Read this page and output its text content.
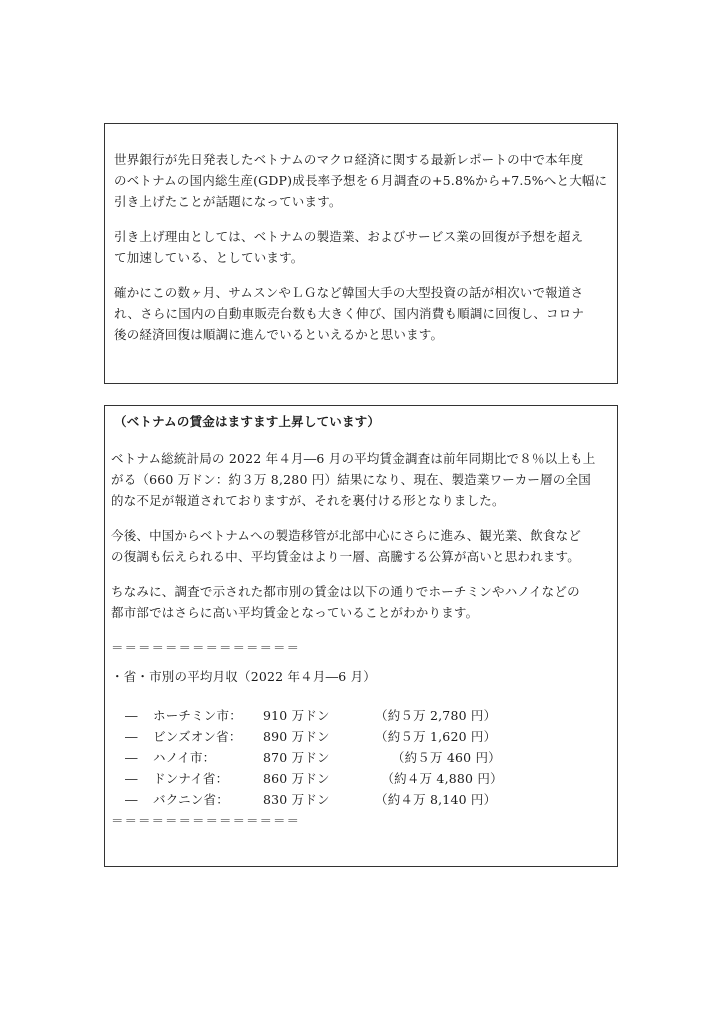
世界銀行が先日発表したベトナムのマクロ経済に関する最新レポートの中で本年度
のベトナムの国内総生産(GDP)成長率予想を６月調査の+5.8%から+7.5%へと大幅に
引き上げたことが話題になっています。

引き上げ理由としては、ベトナムの製造業、およびサービス業の回復が予想を超え
て加速している、としています。

確かにこの数ヶ月、サムスンやＬＧなど韓国大手の大型投資の話が相次いで報道さ
れ、さらに国内の自動車販売台数も大きく伸び、国内消費も順調に回復し、コロナ
後の経済回復は順調に進んでいるといえるかと思います。

（ベトナムの賃金はますます上昇しています）

ベトナム総統計局の 2022 年４月―6 月の平均賃金調査は前年同期比で８％以上も上
がる（660 万ドン：約３万 8,280 円）結果になり、現在、製造業ワーカー層の全国
的な不足が報道されておりますが、それを裏付ける形となりました。

今後、中国からベトナムへの製造移管が北部中心にさらに進み、観光業、飲食など
の復調も伝えられる中、平均賃金はより一層、高騰する公算が高いと思われます。

ちなみに、調査で示された都市別の賃金は以下の通りでホーチミンやハノイなどの
都市部ではさらに高い平均賃金となっていることがわかります。

＝＝＝＝＝＝＝＝＝＝＝＝＝＝
・省・市別の平均月収（2022 年４月―6 月）
―	ホーチミン市：	910 万ドン	（約５万 2,780 円）
―	ビンズオン省：	890 万ドン	（約５万 1,620 円）
―	ハノイ市：	870 万ドン	　 （約５万 460 円）
―	ドンナイ省：	860 万ドン	　（約４万 4,880 円）
―	バクニン省：	830 万ドン	（約４万 8,140 円）
＝＝＝＝＝＝＝＝＝＝＝＝＝＝
